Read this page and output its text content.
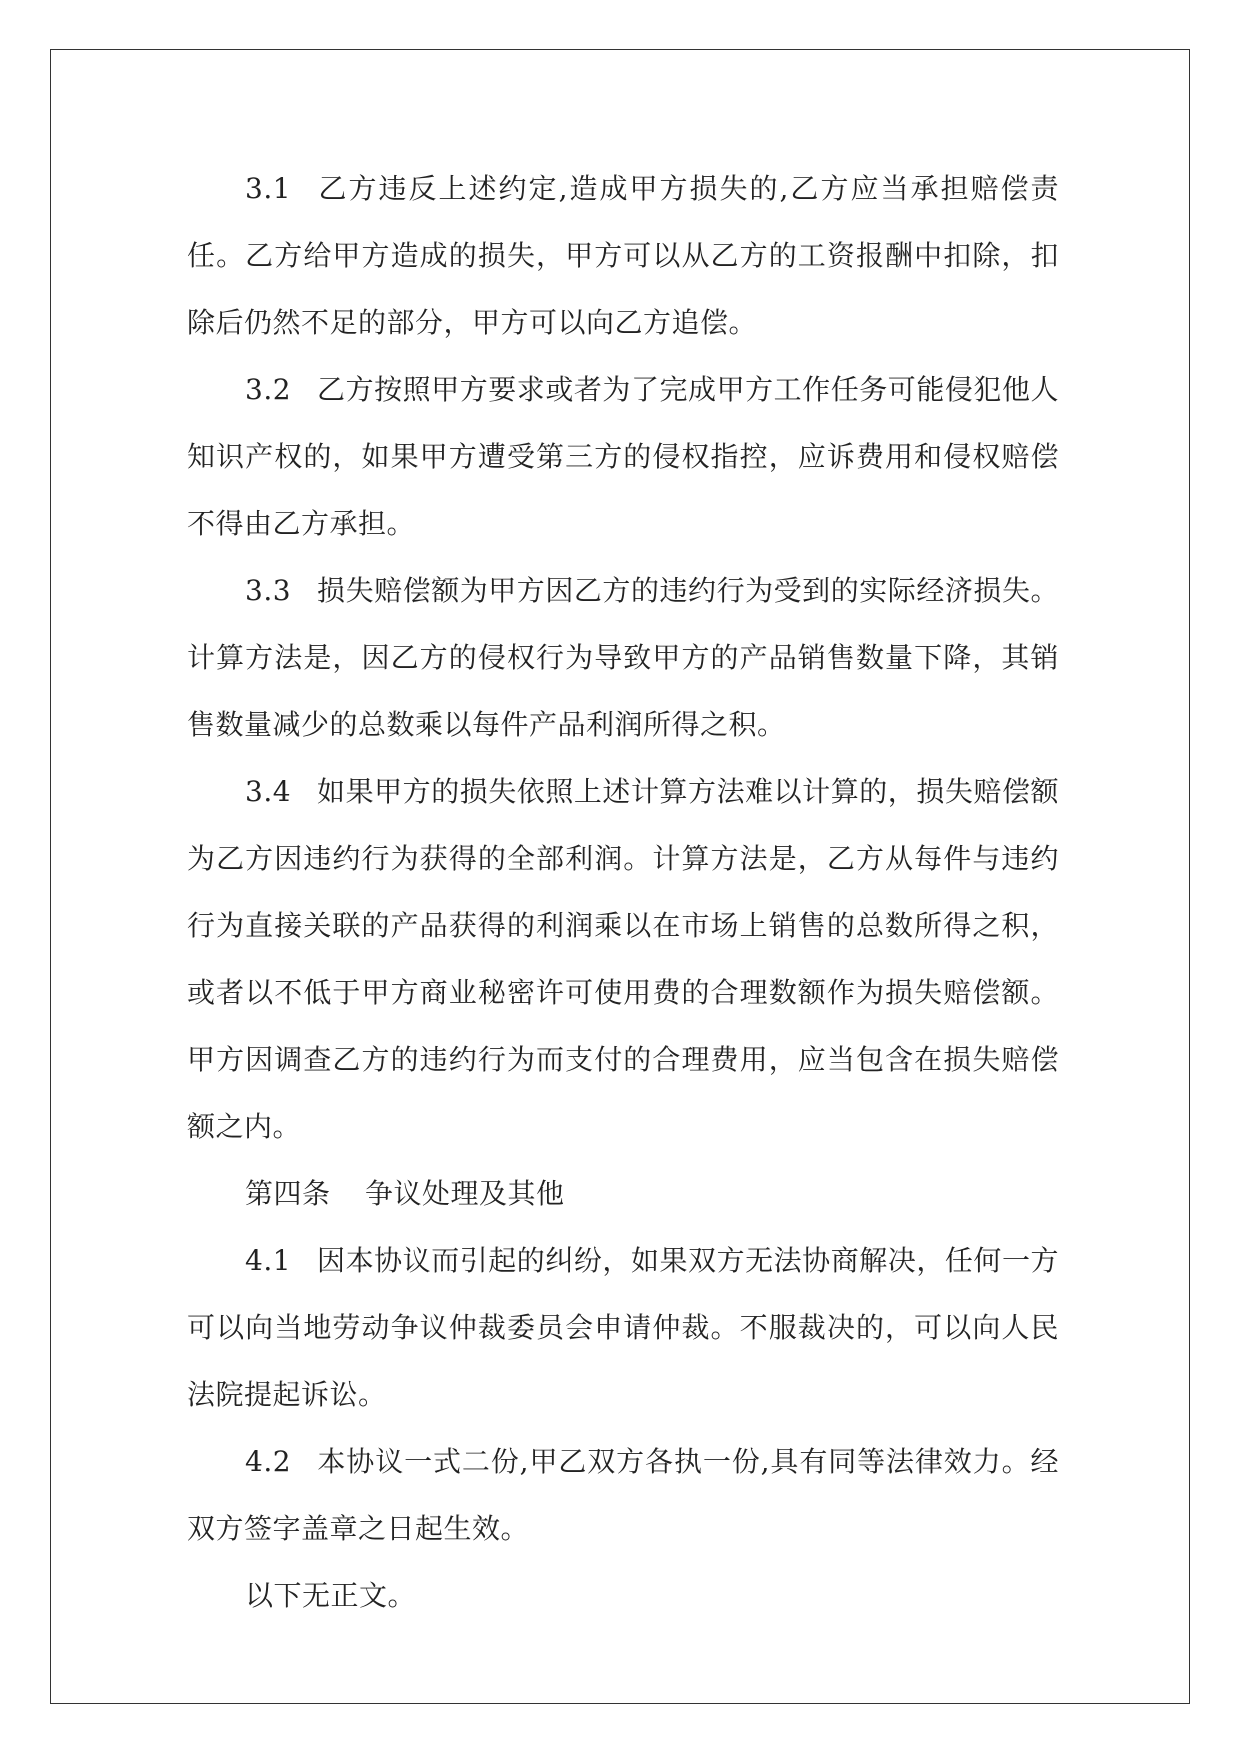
3.1 乙方违反上述约定,造成甲方损失的,乙方应当承担赔偿责任。乙方给甲方造成的损失，甲方可以从乙方的工资报酬中扣除，扣除后仍然不足的部分，甲方可以向乙方追偿。

3.2 乙方按照甲方要求或者为了完成甲方工作任务可能侵犯他人知识产权的，如果甲方遭受第三方的侵权指控，应诉费用和侵权赔偿不得由乙方承担。

3.3 损失赔偿额为甲方因乙方的违约行为受到的实际经济损失。计算方法是，因乙方的侵权行为导致甲方的产品销售数量下降，其销售数量减少的总数乘以每件产品利润所得之积。

3.4 如果甲方的损失依照上述计算方法难以计算的，损失赔偿额为乙方因违约行为获得的全部利润。计算方法是，乙方从每件与违约行为直接关联的产品获得的利润乘以在市场上销售的总数所得之积，或者以不低于甲方商业秘密许可使用费的合理数额作为损失赔偿额。甲方因调查乙方的违约行为而支付的合理费用，应当包含在损失赔偿额之内。

第四条 争议处理及其他

4.1 因本协议而引起的纠纷，如果双方无法协商解决，任何一方可以向当地劳动争议仲裁委员会申请仲裁。不服裁决的，可以向人民法院提起诉讼。

4.2 本协议一式二份,甲乙双方各执一份,具有同等法律效力。经双方签字盖章之日起生效。

以下无正文。
